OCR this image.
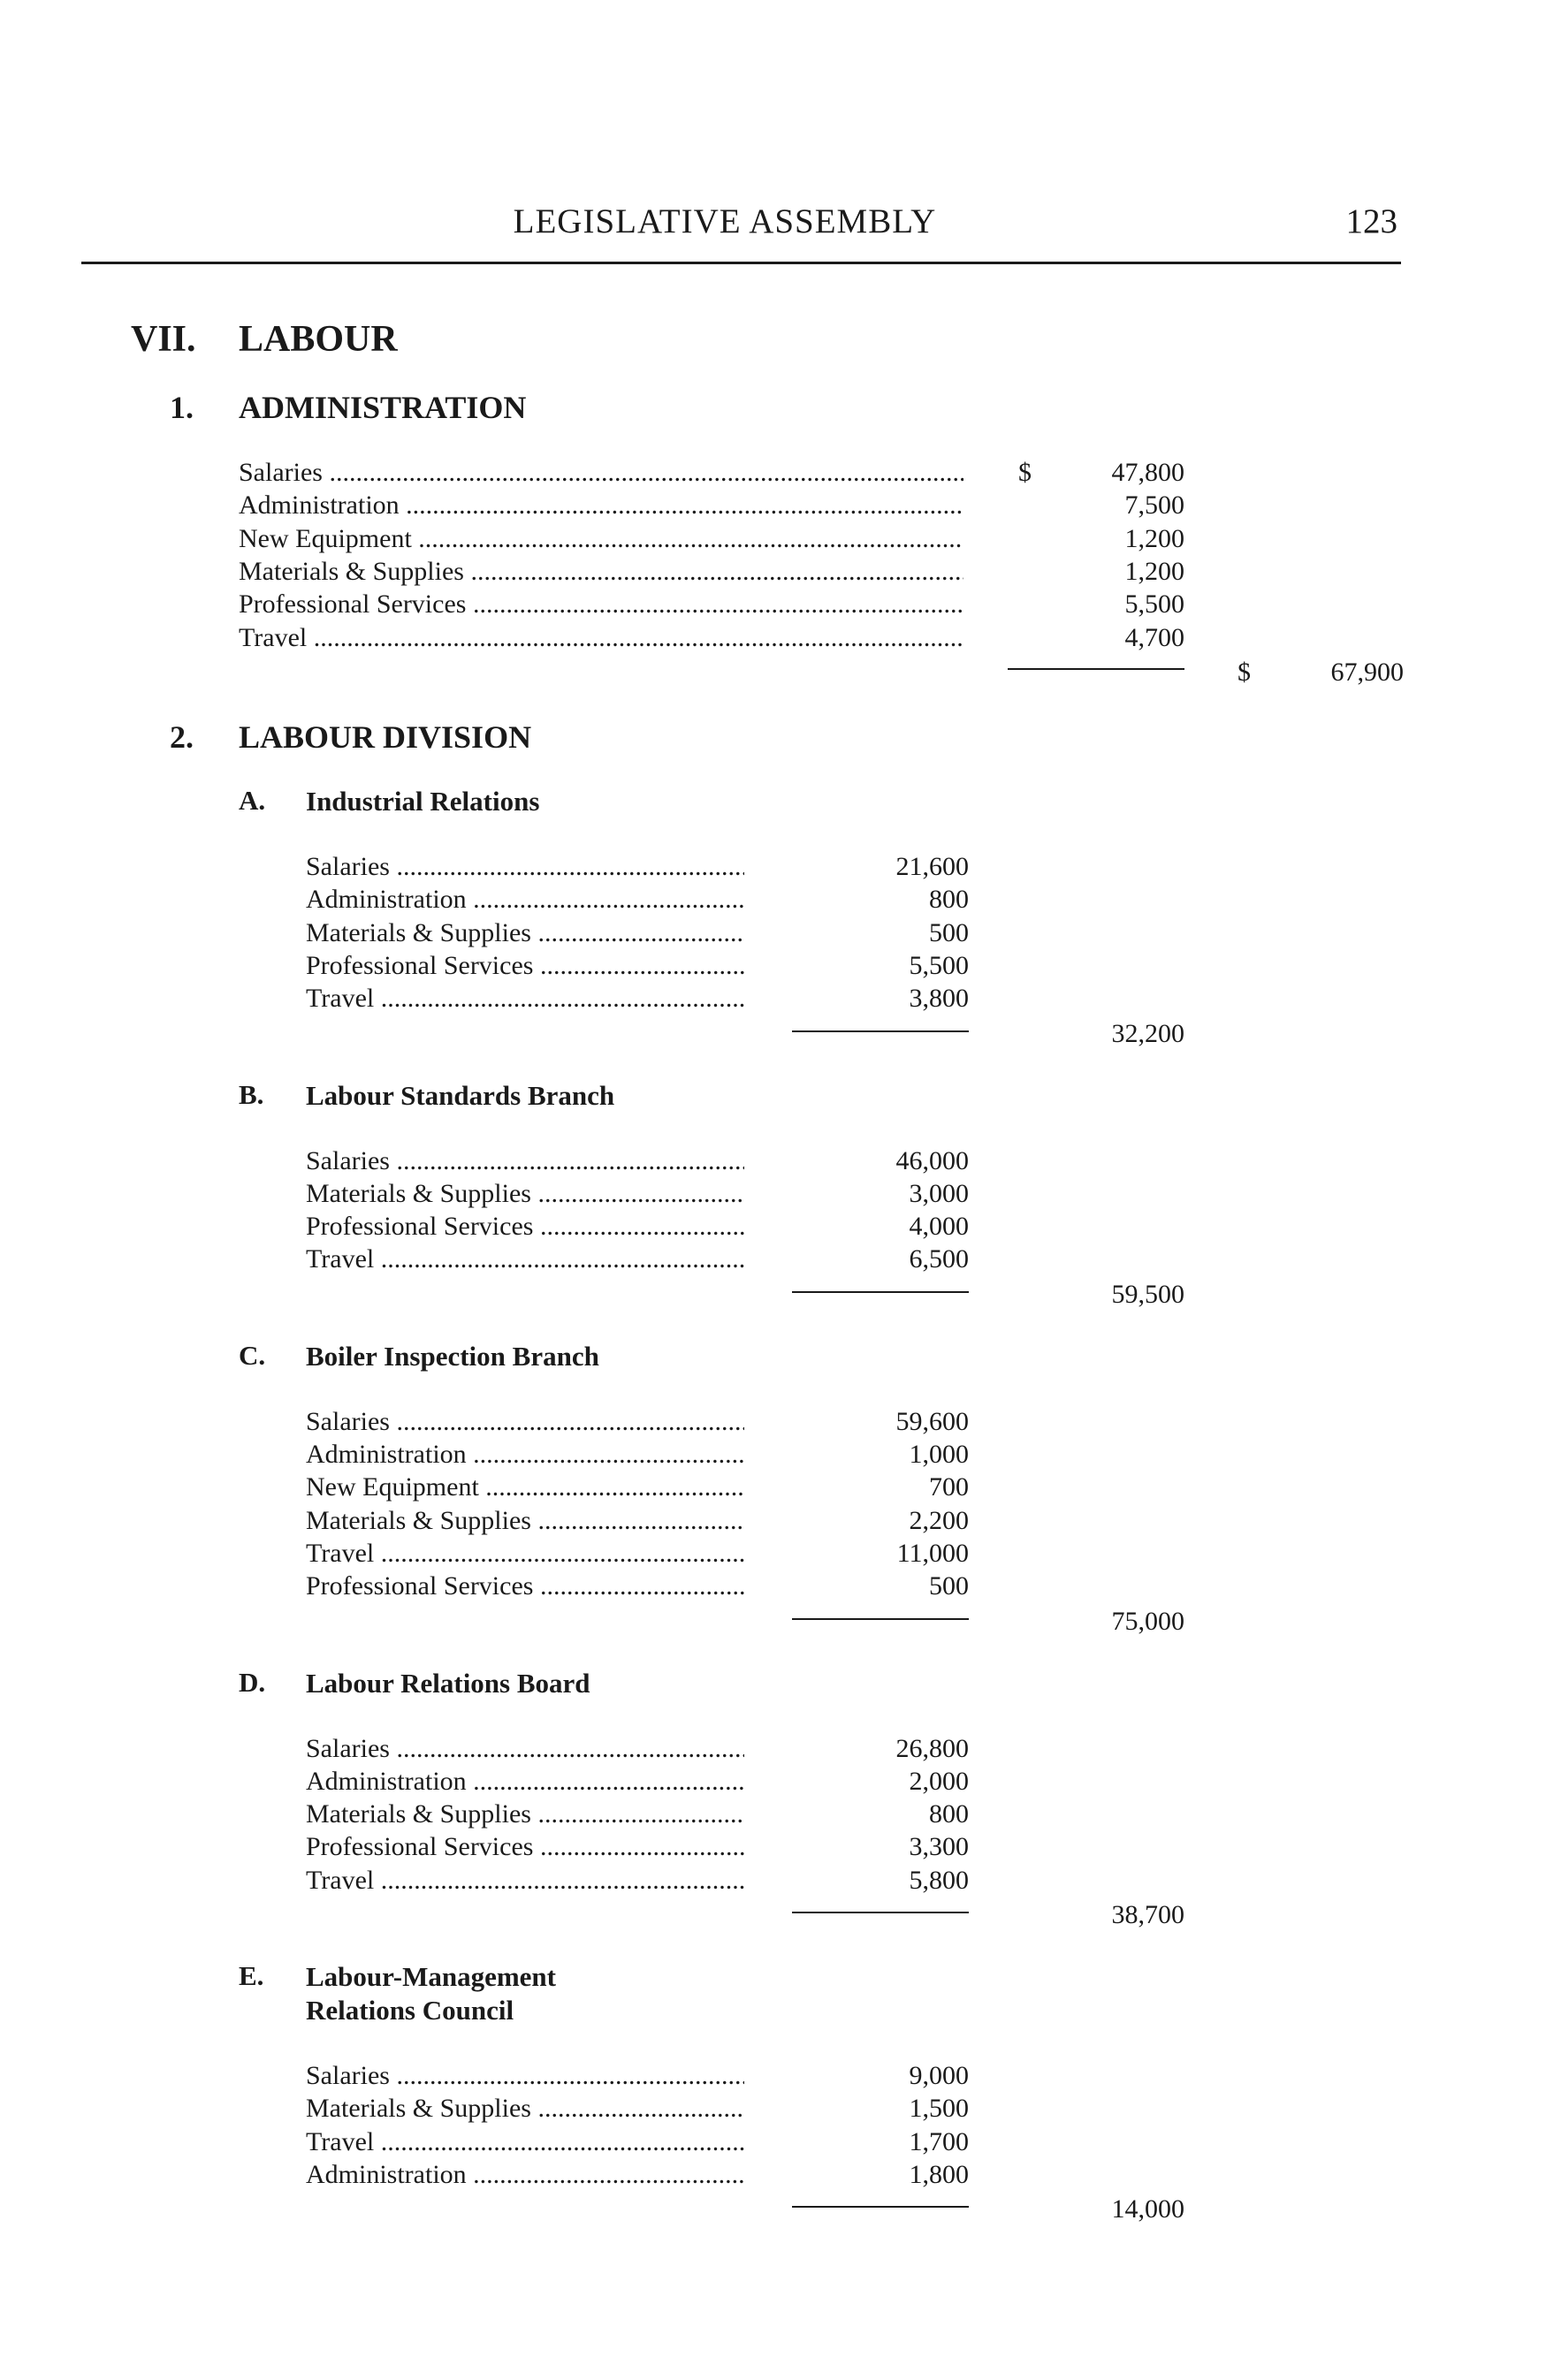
LEGISLATIVE ASSEMBLY	123
VII. LABOUR
1. ADMINISTRATION
Salaries .....	$	47,800
Administration .....	7,500
New Equipment .....	1,200
Materials & Supplies .....	1,200
Professional Services .....	5,500
Travel .....	4,700
$	67,900
2. LABOUR DIVISION
A. Industrial Relations
Salaries .....	21,600
Administration .....	800
Materials & Supplies .....	500
Professional Services .....	5,500
Travel .....	3,800
32,200
B. Labour Standards Branch
Salaries .....	46,000
Materials & Supplies .....	3,000
Professional Services .....	4,000
Travel .....	6,500
59,500
C. Boiler Inspection Branch
Salaries .....	59,600
Administration .....	1,000
New Equipment .....	700
Materials & Supplies .....	2,200
Travel .....	11,000
Professional Services .....	500
75,000
D. Labour Relations Board
Salaries .....	26,800
Administration .....	2,000
Materials & Supplies .....	800
Professional Services .....	3,300
Travel .....	5,800
38,700
E. Labour-Management
Relations Council
Salaries .....	9,000
Materials & Supplies .....	1,500
Travel .....	1,700
Administration .....	1,800
14,000
